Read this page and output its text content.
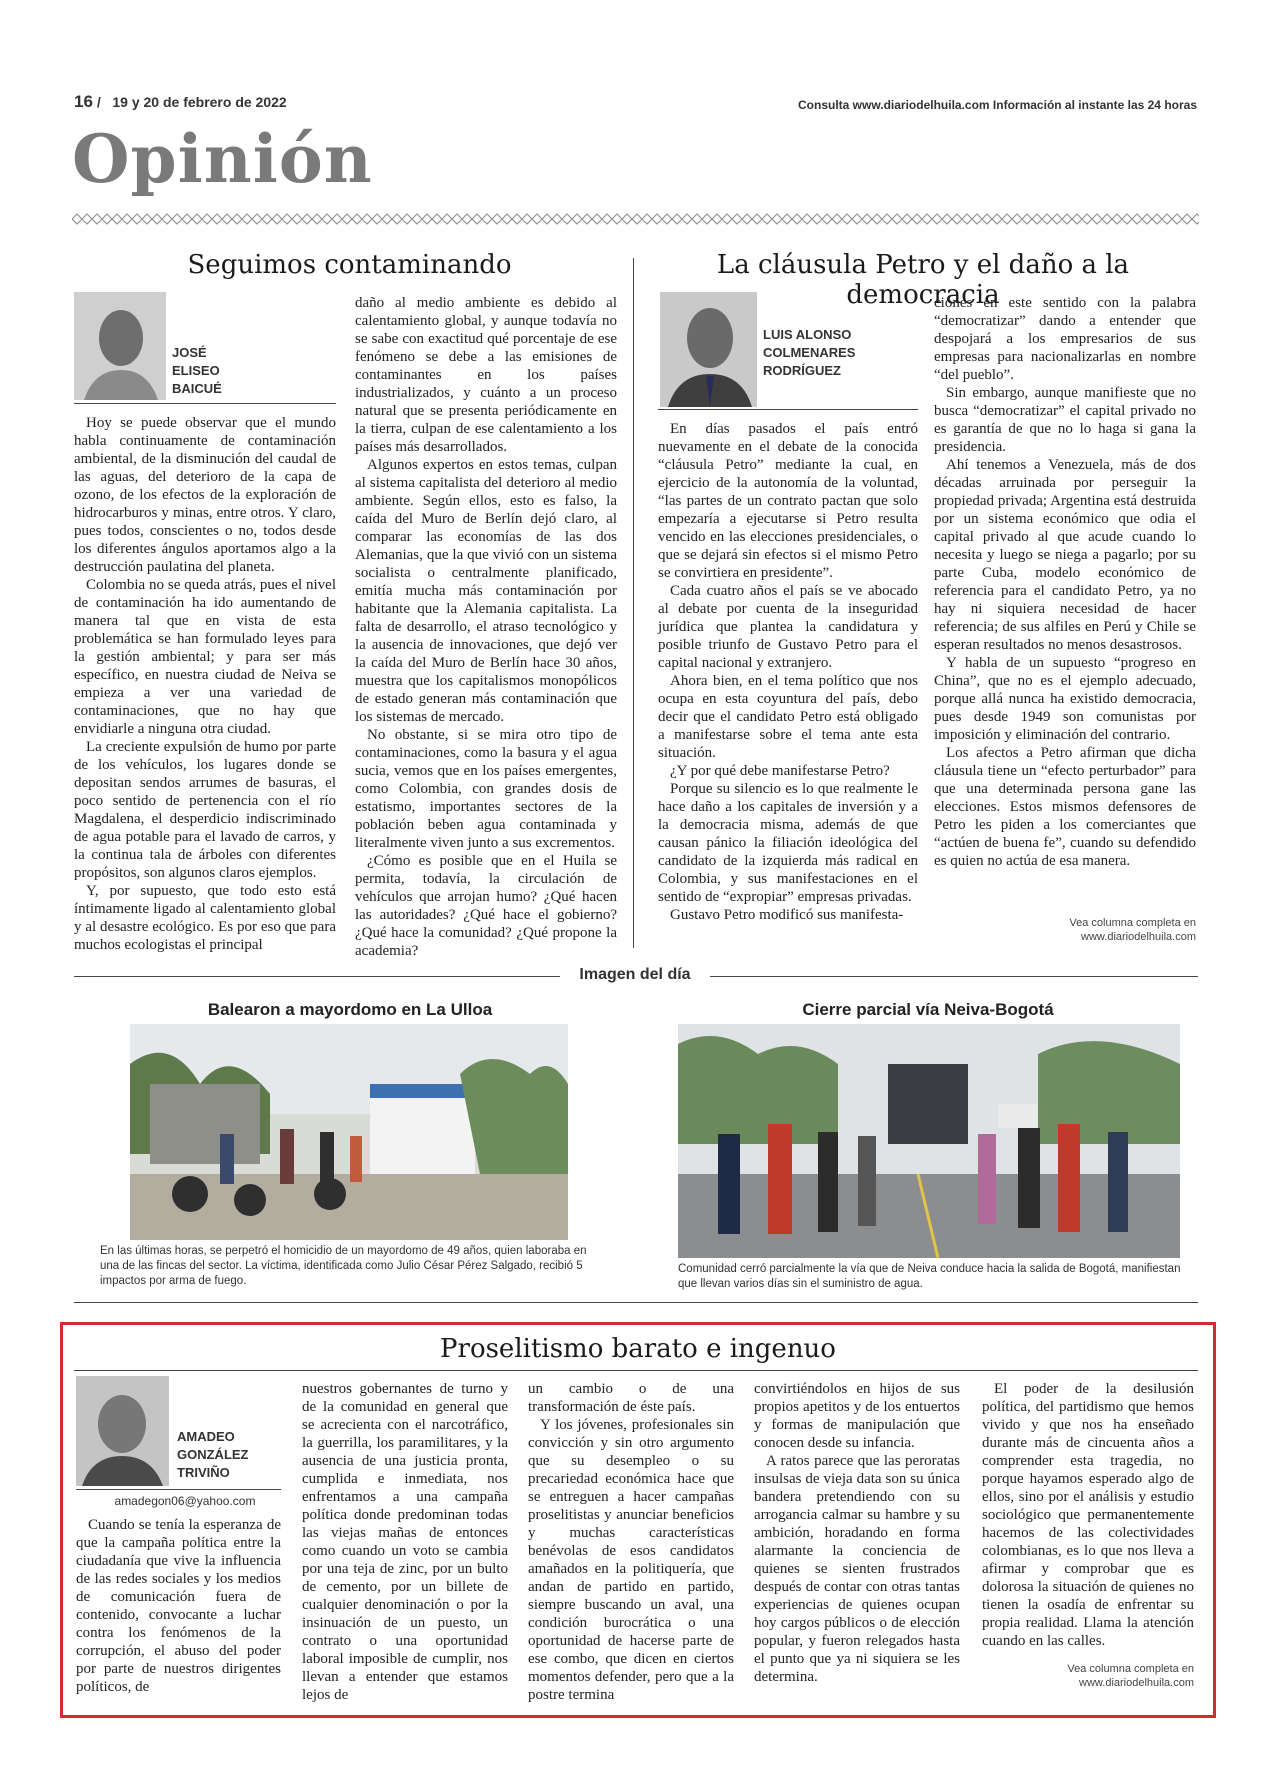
16 /   19 y 20 de febrero de 2022	Consulta www.diariodelhuila.com Información al instante las 24 horas
Opinión
Seguimos contaminando
JOSÉ
ELISEO
BAICUÉ

Hoy se puede observar que el mundo habla continuamente de contaminación ambiental, de la disminución del caudal de las aguas, del deterioro de la capa de ozono, de los efectos de la exploración de hidrocarburos y minas, entre otros. Y claro, pues todos, conscientes o no, todos desde los diferentes ángulos aportamos algo a la destrucción paulatina del planeta.

Colombia no se queda atrás, pues el nivel de contaminación ha ido aumentando de manera tal que en vista de esta problemática se han formulado leyes para la gestión ambiental; y para ser más específico, en nuestra ciudad de Neiva se empieza a ver una variedad de contaminaciones, que no hay que envidiarle a ninguna otra ciudad.

La creciente expulsión de humo por parte de los vehículos, los lugares donde se depositan sendos arrumes de basuras, el poco sentido de pertenencia con el río Magdalena, el desperdicio indiscriminado de agua potable para el lavado de carros, y la continua tala de árboles con diferentes propósitos, son algunos claros ejemplos.

Y, por supuesto, que todo esto está íntimamente ligado al calentamiento global y al desastre ecológico. Es por eso que para muchos ecologistas el principal

daño al medio ambiente es debido al calentamiento global, y aunque todavía no se sabe con exactitud qué porcentaje de ese fenómeno se debe a las emisiones de contaminantes en los países industrializados, y cuánto a un proceso natural que se presenta periódicamente en la tierra, culpan de ese calentamiento a los países más desarrollados.

Algunos expertos en estos temas, culpan al sistema capitalista del deterioro al medio ambiente. Según ellos, esto es falso, la caída del Muro de Berlín dejó claro, al comparar las economías de las dos Alemanias, que la que vivió con un sistema socialista o centralmente planificado, emitía mucha más contaminación por habitante que la Alemania capitalista. La falta de desarrollo, el atraso tecnológico y la ausencia de innovaciones, que dejó ver la caída del Muro de Berlín hace 30 años, muestra que los capitalismos monopólicos de estado generan más contaminación que los sistemas de mercado.

No obstante, si se mira otro tipo de contaminaciones, como la basura y el agua sucia, vemos que en los países emergentes, como Colombia, con grandes dosis de estatismo, importantes sectores de la población beben agua contaminada y literalmente viven junto a sus excrementos.

¿Cómo es posible que en el Huila se permita, todavía, la circulación de vehículos que arrojan humo? ¿Qué hacen las autoridades? ¿Qué hace el gobierno? ¿Qué hace la comunidad? ¿Qué propone la academia?

La cláusula Petro y el daño a la democracia
LUIS ALONSO
COLMENARES
RODRÍGUEZ

En días pasados el país entró nuevamente en el debate de la conocida “cláusula Petro” mediante la cual, en ejercicio de la autonomía de la voluntad, “las partes de un contrato pactan que solo empezaría a ejecutarse si Petro resulta vencido en las elecciones presidenciales, o que se dejará sin efectos si el mismo Petro se convirtiera en presidente”.

Cada cuatro años el país se ve abocado al debate por cuenta de la inseguridad jurídica que plantea la candidatura y posible triunfo de Gustavo Petro para el capital nacional y extranjero.

Ahora bien, en el tema político que nos ocupa en esta coyuntura del país, debo decir que el candidato Petro está obligado a manifestarse sobre el tema ante esta situación.

¿Y por qué debe manifestarse Petro?

Porque su silencio es lo que realmente le hace daño a los capitales de inversión y a la democracia misma, además de que causan pánico la filiación ideológica del candidato de la izquierda más radical en Colombia, y sus manifestaciones en el sentido de “expropiar” empresas privadas.

Gustavo Petro modificó sus manifesta-

ciones en este sentido con la palabra “democratizar” dando a entender que despojará a los empresarios de sus empresas para nacionalizarlas en nombre “del pueblo”.

Sin embargo, aunque manifieste que no busca “democratizar” el capital privado no es garantía de que no lo haga si gana la presidencia.

Ahí tenemos a Venezuela, más de dos décadas arruinada por perseguir la propiedad privada; Argentina está destruida por un sistema económico que odia el capital privado al que acude cuando lo necesita y luego se niega a pagarlo; por su parte Cuba, modelo económico de referencia para el candidato Petro, ya no hay ni siquiera necesidad de hacer referencia; de sus alfiles en Perú y Chile se esperan resultados no menos desastrosos.

Y habla de un supuesto “progreso en China”, que no es el ejemplo adecuado, porque allá nunca ha existido democracia, pues desde 1949 son comunistas por imposición y eliminación del contrario.

Los afectos a Petro afirman que dicha cláusula tiene un “efecto perturbador” para que una determinada persona gane las elecciones. Estos mismos defensores de Petro les piden a los comerciantes que “actúen de buena fe”, cuando su defendido es quien no actúa de esa manera.

Vea columna completa en
www.diariodelhuila.com
Imagen del día
Balearon a mayordomo en La Ulloa
En las últimas horas, se perpetró el homicidio de un mayordomo de 49 años, quien laboraba en una de las fincas del sector. La víctima, identificada como Julio César Pérez Salgado, recibió 5 impactos por arma de fuego.
Cierre parcial vía Neiva-Bogotá
Comunidad cerró parcialmente la vía que de Neiva conduce hacia la salida de Bogotá, manifiestan que llevan varios días sin el suministro de agua.
Proselitismo barato e ingenuo
AMADEO
GONZÁLEZ
TRIVIÑO
amadegon06@yahoo.com

Cuando se tenía la esperanza de que la campaña política entre la ciudadanía que vive la influencia de las redes sociales y los medios de comunicación fuera de contenido, convocante a luchar contra los fenómenos de la corrupción, el abuso del poder por parte de nuestros dirigentes políticos, de

nuestros gobernantes de turno y de la comunidad en general que se acrecienta con el narcotráfico, la guerrilla, los paramilitares, y la ausencia de una justicia pronta, cumplida e inmediata, nos enfrentamos a una campaña política donde predominan todas las viejas mañas de entonces como cuando un voto se cambia por una teja de zinc, por un bulto de cemento, por un billete de cualquier denominación o por la insinuación de un puesto, un contrato o una oportunidad laboral imposible de cumplir, nos llevan a entender que estamos lejos de

un cambio o de una transformación de éste país.

Y los jóvenes, profesionales sin convicción y sin otro argumento que su desempleo o su precariedad económica hace que se entreguen a hacer campañas proselitistas y anunciar beneficios y muchas características benévolas de esos candidatos amañados en la politiquería, que andan de partido en partido, siempre buscando un aval, una condición burocrática o una oportunidad de hacerse parte de ese combo, que dicen en ciertos momentos defender, pero que a la postre termina

convirtiéndolos en hijos de sus propios apetitos y de los entuertos y formas de manipulación que conocen desde su infancia.

A ratos parece que las peroratas insulsas de vieja data son su única bandera pretendiendo con su arrogancia calmar su hambre y su ambición, horadando en forma alarmante la conciencia de quienes se sienten frustrados después de contar con otras tantas experiencias de quienes ocupan hoy cargos públicos o de elección popular, y fueron relegados hasta el punto que ya ni siquiera se les determina.

El poder de la desilusión política, del partidismo que hemos vivido y que nos ha enseñado durante más de cincuenta años a comprender esta tragedia, no porque hayamos esperado algo de ellos, sino por el análisis y estudio sociológico que permanentemente hacemos de las colectividades colombianas, es lo que nos lleva a afirmar y comprobar que es dolorosa la situación de quienes no tienen la osadía de enfrentar su propia realidad. Llama la atención cuando en las calles.

Vea columna completa en
www.diariodelhuila.com
